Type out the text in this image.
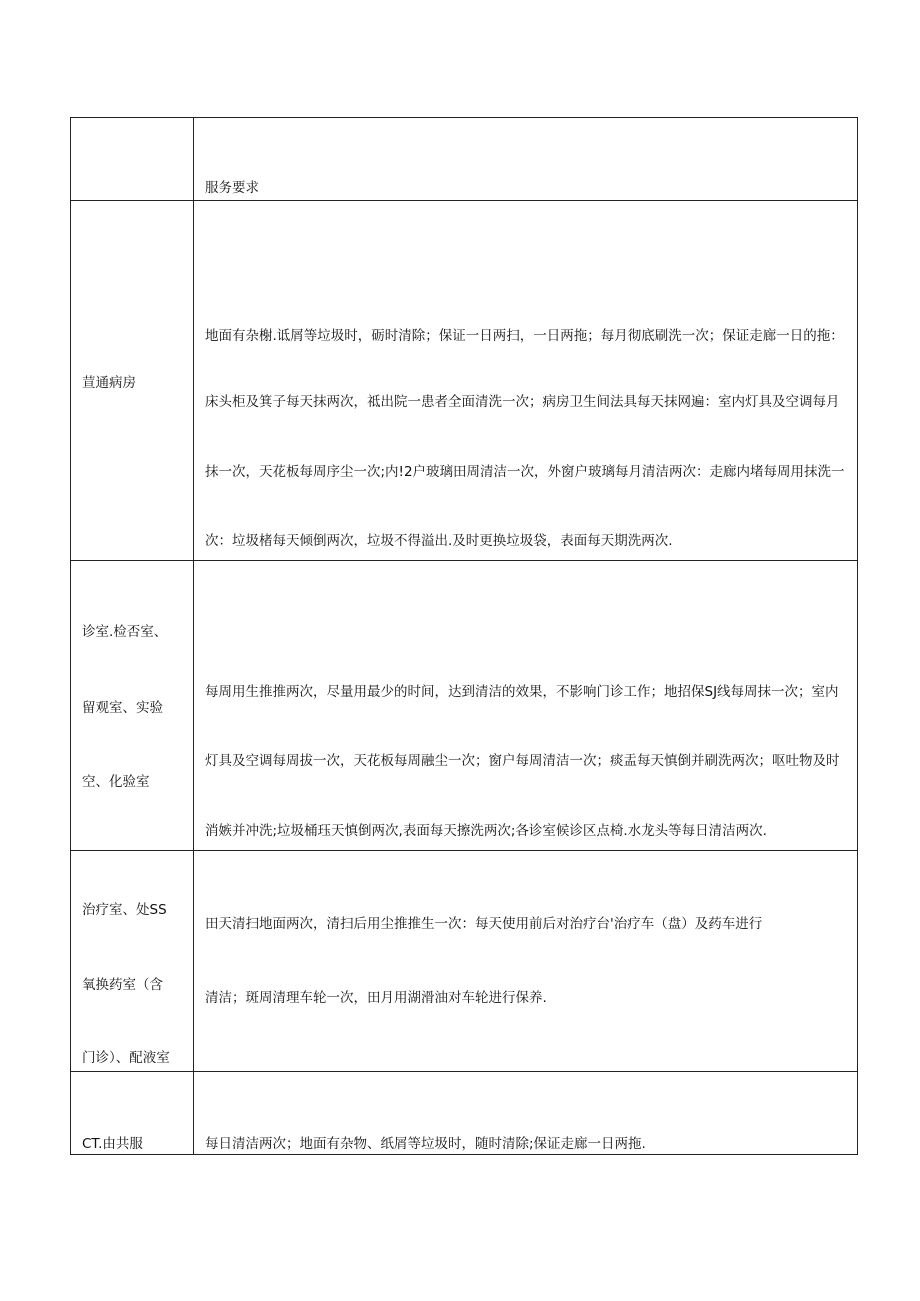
	服务要求

荁通病房	地面有杂榭.诋屑等垃圾时，砺时清除；保证一日两扫，一日两拖；每月彻底刷洗一次；保证走廊一日的拖：
床头柜及箕子每天抹两次，祗出院一患者全面清洗一次；病房卫生间法具每天抹网遍：室内灯具及空调每月
抹一次，天花板每周序尘一次;内!2户玻璃田周清洁一次，外窗户玻璃每月清洁两次：走廊内堵每周用抹洗一
次：垃圾楮每天倾倒两次，垃圾不得溢出.及时更换垃圾袋，表面每天期洗两次.

诊室.检否室、
留观室、实验
空、化验室	每周用生推推两次，尽量用最少的时间，达到清洁的效果，不影响门诊工作；地招保SJ线每周抹一次；室内
灯具及空调每周拔一次，天花板每周融尘一次；窗户每周清洁一次；痰盂每天慎倒并刷洗两次；呕吐物及时
消嫉并冲洗;垃圾桶珏天慎倒两次,表面每天擦洗两次;各诊室候诊区点椅.水龙头等每日清洁两次.

治疗室、处SS
氧换药室（含
门诊）、配液室	田天清扫地面两次，清扫后用尘推推生一次：每天使用前后对治疗台'治疗车（盘）及药车进行
清洁；斑周清理车轮一次，田月用湖滑油对车轮进行保养.

CT.由共服	每日清洁两次；地面有杂物、纸屑等垃圾时，随时清除;保证走廊一日两拖.
